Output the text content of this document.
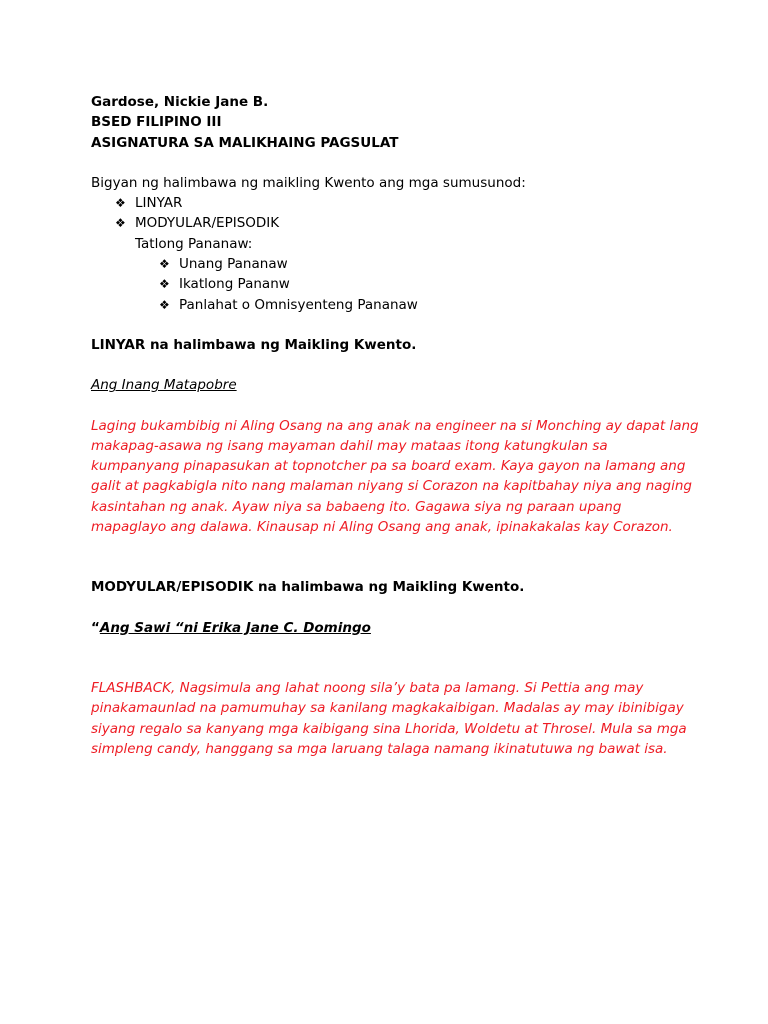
Gardose, Nickie Jane B.
BSED FILIPINO III
ASIGNATURA SA MALIKHAING PAGSULAT
Bigyan ng halimbawa ng maikling Kwento ang mga sumusunod:
❖ LINYAR
❖ MODYULAR/EPISODIK
Tatlong Pananaw:
❖ Unang Pananaw
❖ Ikatlong Pananw
❖ Panlahat o Omnisyenteng Pananaw
LINYAR na halimbawa ng Maikling Kwento.
Ang Inang Matapobre
Laging bukambibig ni Aling Osang na ang anak na engineer na si Monching ay dapat lang
makapag-asawa ng isang mayaman dahil may mataas itong katungkulan sa
kumpanyang pinapasukan at topnotcher pa sa board exam. Kaya gayon na lamang ang
galit at pagkabigla nito nang malaman niyang si Corazon na kapitbahay niya ang naging
kasintahan ng anak. Ayaw niya sa babaeng ito. Gagawa siya ng paraan upang
mapaglayo ang dalawa. Kinausap ni Aling Osang ang anak, ipinakakalas kay Corazon.
MODYULAR/EPISODIK na halimbawa ng Maikling Kwento.
“Ang Sawi “ni Erika Jane C. Domingo
FLASHBACK, Nagsimula ang lahat noong sila’y bata pa lamang. Si Pettia ang may
pinakamaunlad na pamumuhay sa kanilang magkakaibigan. Madalas ay may ibinibigay
siyang regalo sa kanyang mga kaibigang sina Lhorida, Woldetu at Throsel. Mula sa mga
simpleng candy, hanggang sa mga laruang talaga namang ikinatutuwa ng bawat isa.
